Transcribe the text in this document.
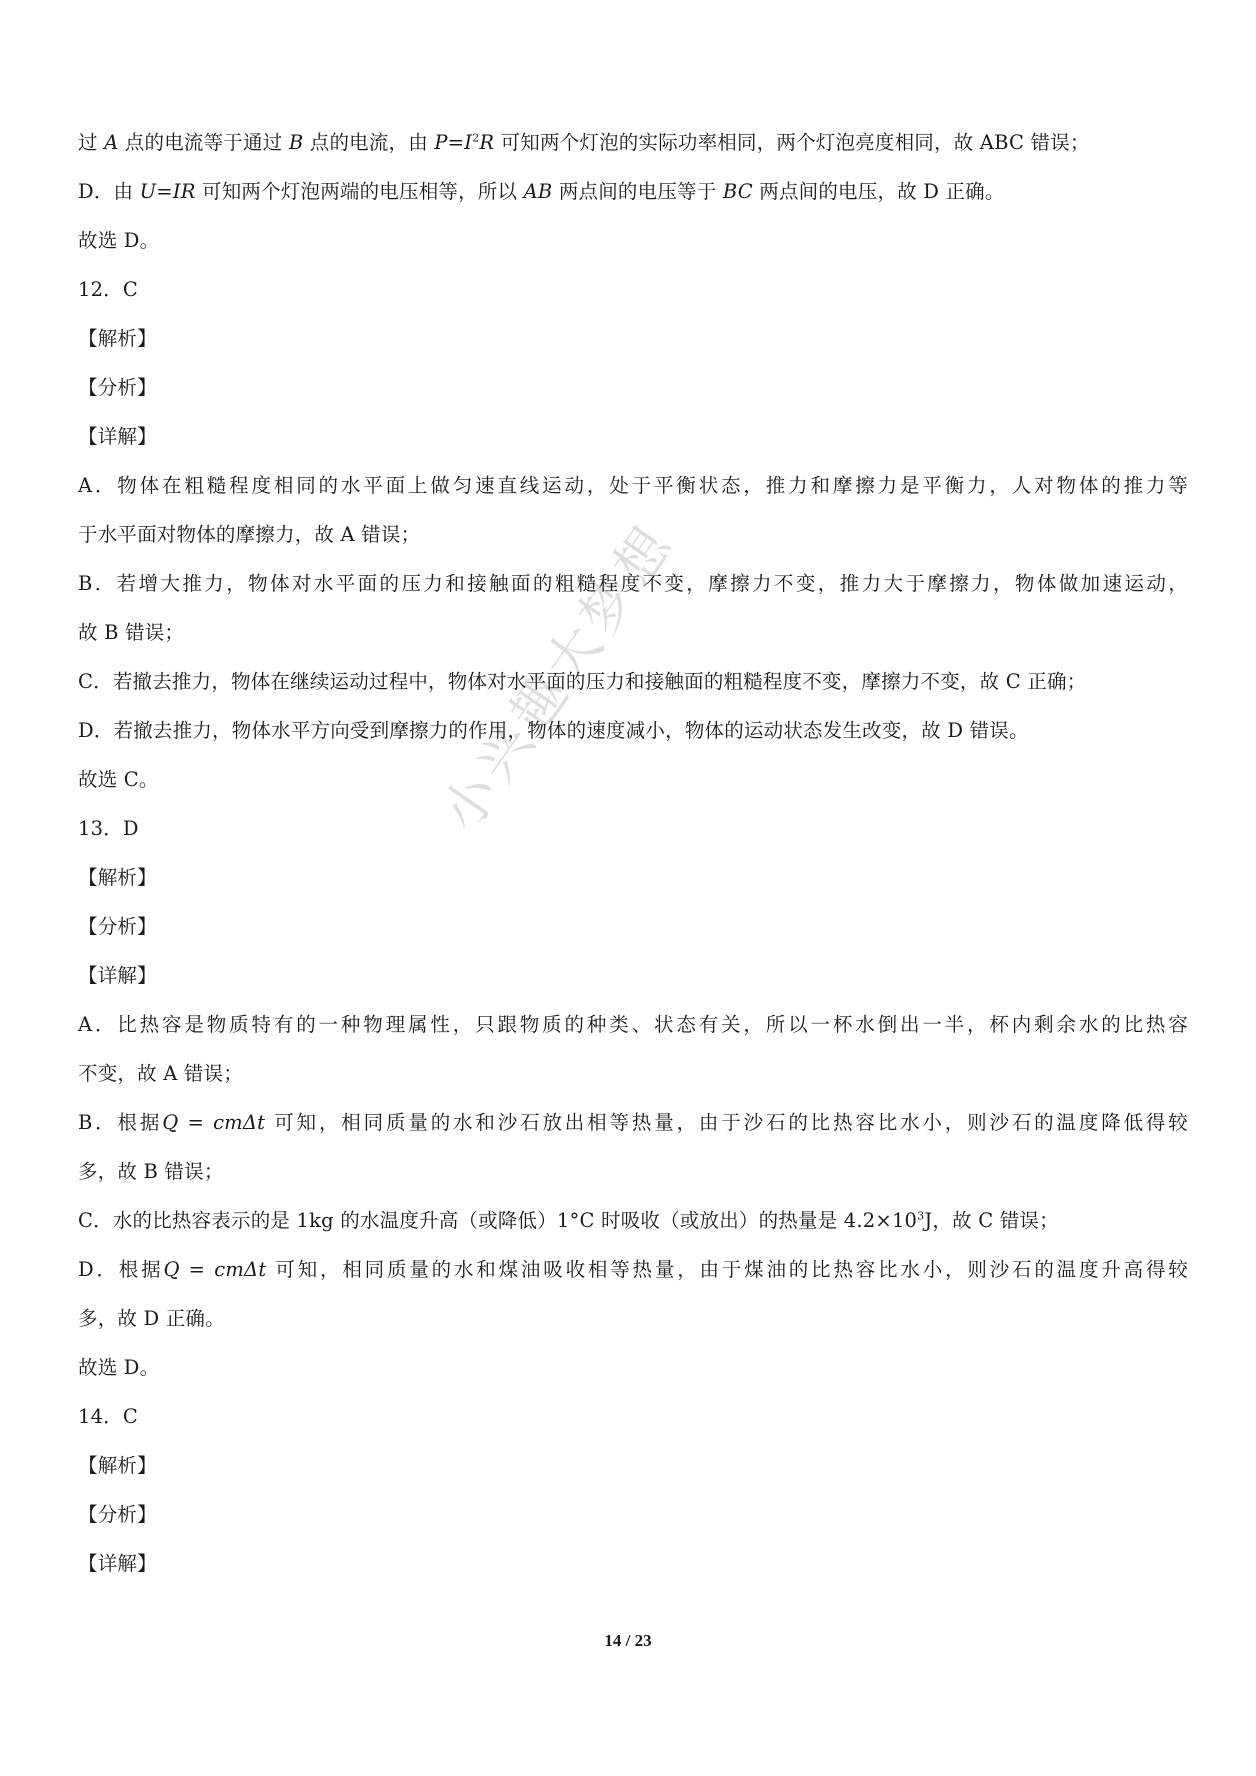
过 A 点的电流等于通过 B 点的电流，由 $P=I^2R$ 可知两个灯泡的实际功率相同，两个灯泡亮度相同，故 ABC 错误；
D．由 U=IR 可知两个灯泡两端的电压相等，所以 AB 两点间的电压等于 BC 两点间的电压，故 D 正确。
故选 D。
12．C
【解析】
【分析】
【详解】
A．物体在粗糙程度相同的水平面上做匀速直线运动，处于平衡状态，推力和摩擦力是平衡力，人对物体的推力等
于水平面对物体的摩擦力，故 A 错误；
B．若增大推力，物体对水平面的压力和接触面的粗糙程度不变，摩擦力不变，推力大于摩擦力，物体做加速运动，
故 B 错误；
C．若撤去推力，物体在继续运动过程中，物体对水平面的压力和接触面的粗糙程度不变，摩擦力不变，故 C 正确；
D．若撤去推力，物体水平方向受到摩擦力的作用，物体的速度减小，物体的运动状态发生改变，故 D 错误。
故选 C。
13．D
【解析】
【分析】
【详解】
A．比热容是物质特有的一种物理属性，只跟物质的种类、状态有关，所以一杯水倒出一半，杯内剩余水的比热容
不变，故 A 错误；
B．根据Q = cmΔt 可知，相同质量的水和沙石放出相等热量，由于沙石的比热容比水小，则沙石的温度降低得较
多，故 B 错误；
C．水的比热容表示的是 1kg 的水温度升高（或降低）1°C 时吸收（或放出）的热量是 $4.2\times 10^3J$，故 C 错误；
D．根据Q = cmΔt 可知，相同质量的水和煤油吸收相等热量，由于煤油的比热容比水小，则沙石的温度升高得较
多，故 D 正确。
故选 D。
14．C
【解析】
【分析】
【详解】
小兴趣大梦想
14 / 23
